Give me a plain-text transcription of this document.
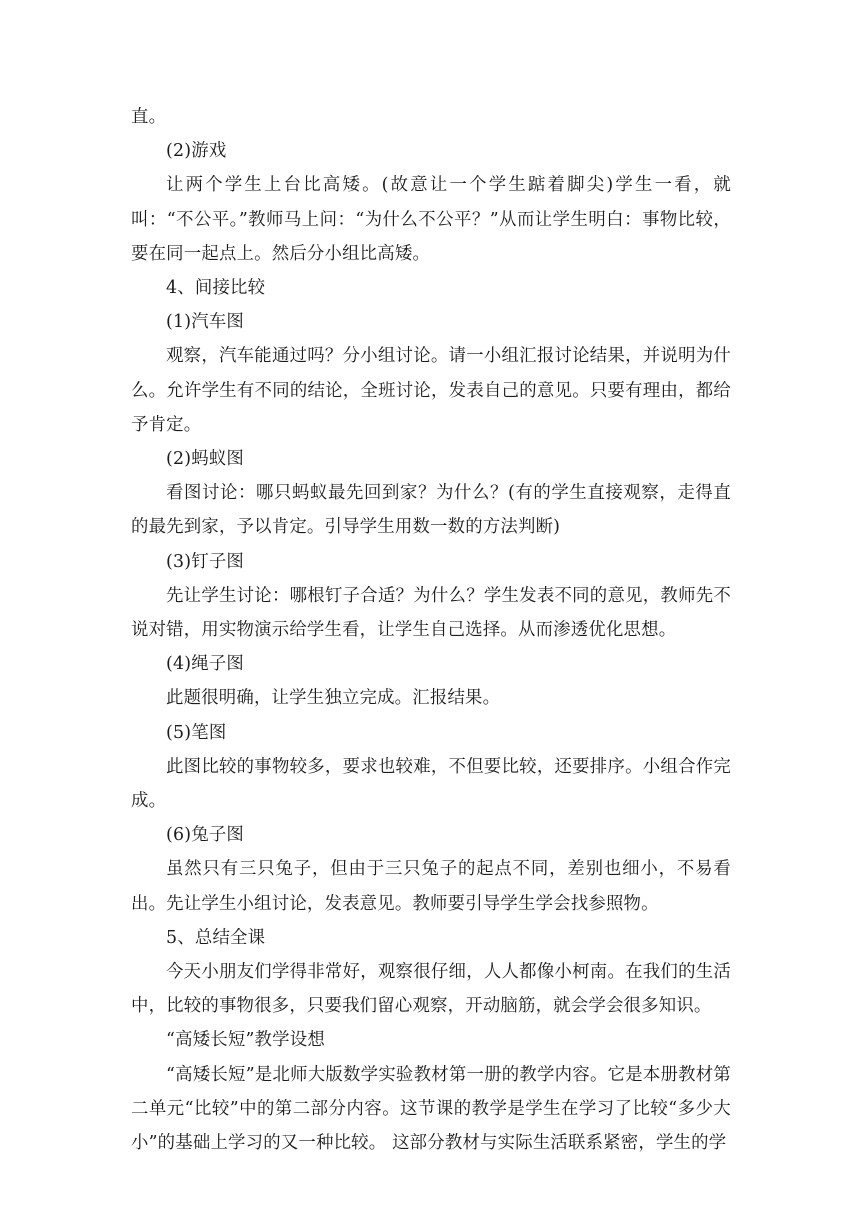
直。

(2)游戏

让两个学生上台比高矮。(故意让一个学生踮着脚尖)学生一看，就叫：“不公平。”教师马上问：“为什么不公平？”从而让学生明白：事物比较，要在同一起点上。然后分小组比高矮。

4、间接比较

(1)汽车图

观察，汽车能通过吗？分小组讨论。请一小组汇报讨论结果，并说明为什么。允许学生有不同的结论，全班讨论，发表自己的意见。只要有理由，都给予肯定。

(2)蚂蚁图

看图讨论：哪只蚂蚁最先回到家？为什么？(有的学生直接观察，走得直的最先到家，予以肯定。引导学生用数一数的方法判断)

(3)钉子图

先让学生讨论：哪根钉子合适？为什么？学生发表不同的意见，教师先不说对错，用实物演示给学生看，让学生自己选择。从而渗透优化思想。

(4)绳子图

此题很明确，让学生独立完成。汇报结果。

(5)笔图

此图比较的事物较多，要求也较难，不但要比较，还要排序。小组合作完成。

(6)兔子图

虽然只有三只兔子，但由于三只兔子的起点不同，差别也细小，不易看出。先让学生小组讨论，发表意见。教师要引导学生学会找参照物。

5、总结全课

今天小朋友们学得非常好，观察很仔细，人人都像小柯南。在我们的生活中，比较的事物很多，只要我们留心观察，开动脑筋，就会学会很多知识。

“高矮长短”教学设想

“高矮长短”是北师大版数学实验教材第一册的教学内容。它是本册教材第二单元“比较”中的第二部分内容。这节课的教学是学生在学习了比较“多少大小”的基础上学习的又一种比较。 这部分教材与实际生活联系紧密，学生的学
